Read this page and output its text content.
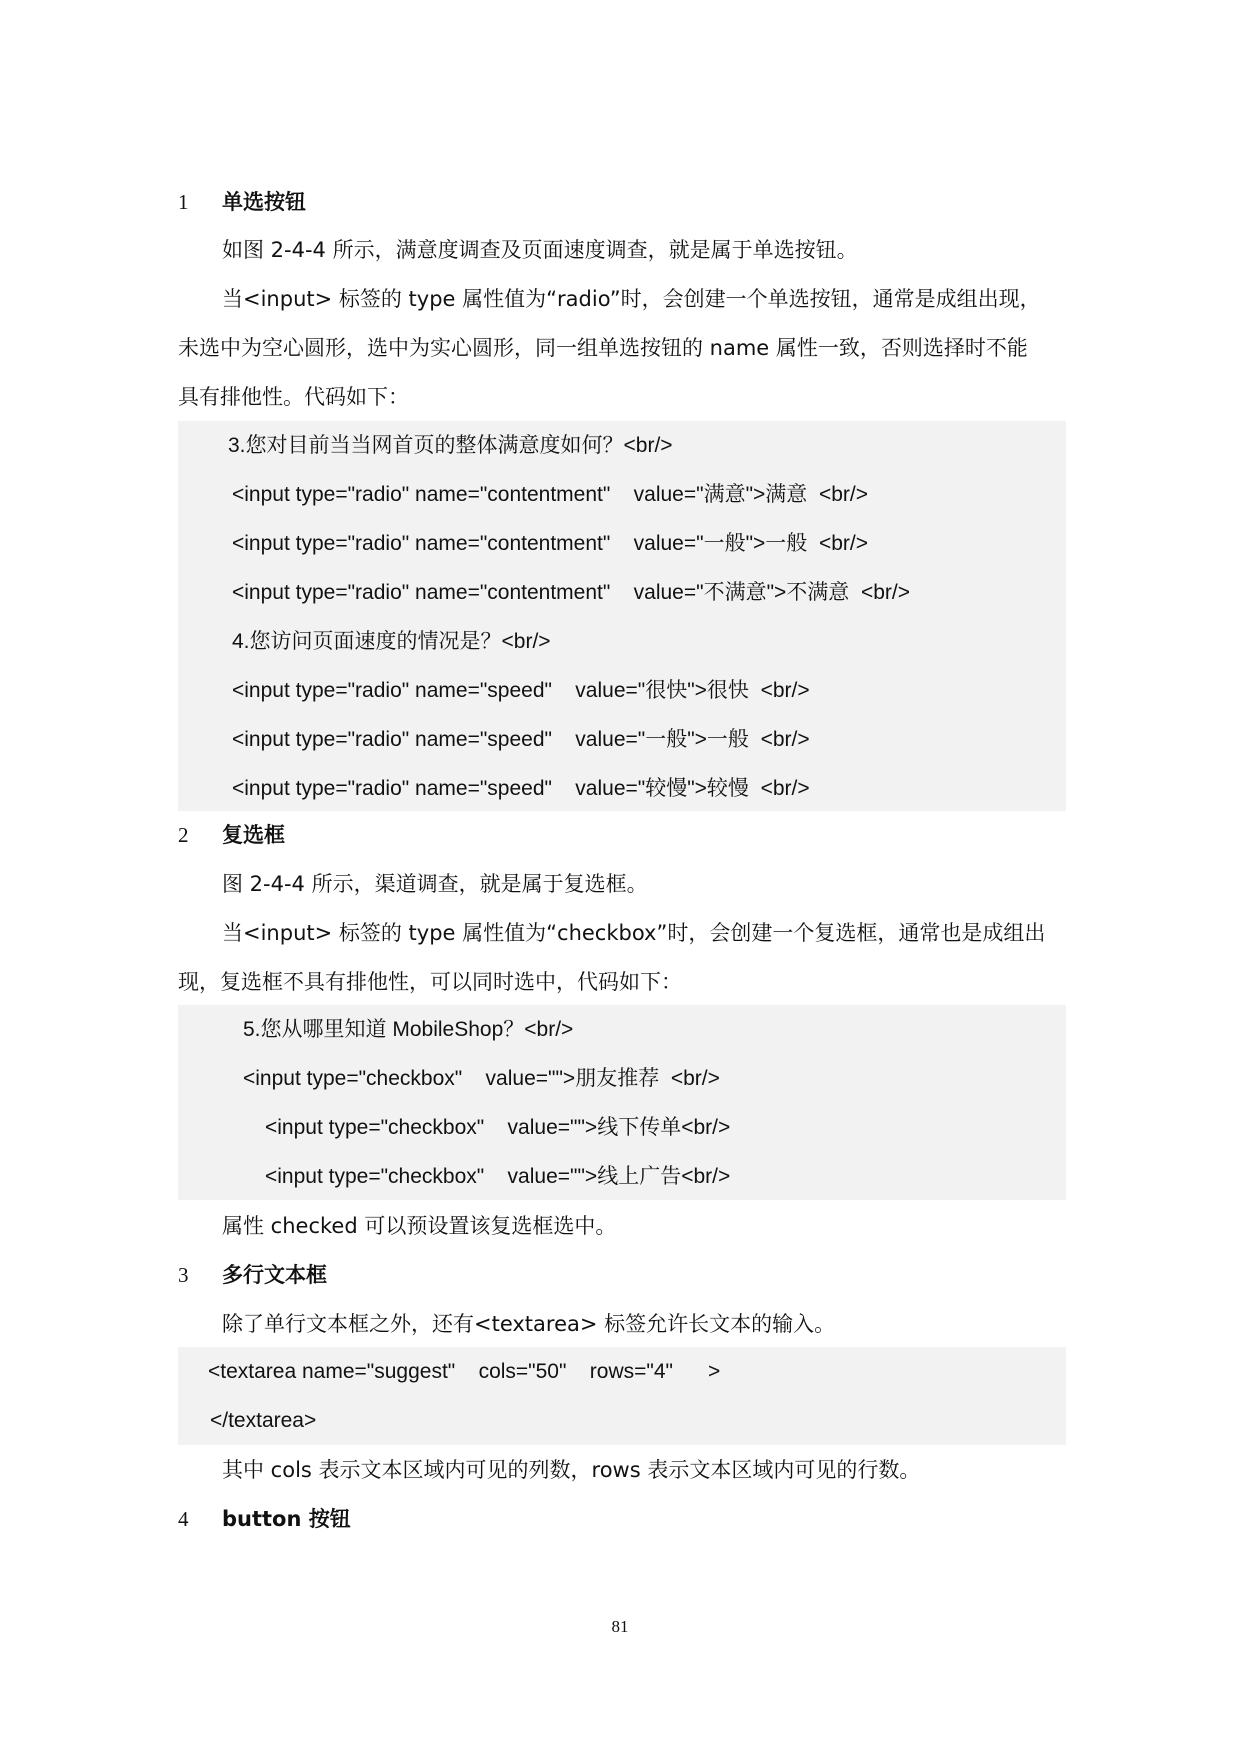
1 单选按钮
如图 2-4-4 所示，满意度调查及页面速度调查，就是属于单选按钮。
当<input> 标签的 type 属性值为“radio”时，会创建一个单选按钮，通常是成组出现，
未选中为空心圆形，选中为实心圆形，同一组单选按钮的 name 属性一致，否则选择时不能
具有排他性。代码如下：
3.您对目前当当网首页的整体满意度如何？<br/>
<input type="radio" name="contentment"    value="满意">满意  <br/>
<input type="radio" name="contentment"    value="一般">一般  <br/>
<input type="radio" name="contentment"    value="不满意">不满意  <br/>
4.您访问页面速度的情况是？<br/>
<input type="radio" name="speed"    value="很快">很快  <br/>
<input type="radio" name="speed"    value="一般">一般  <br/>
<input type="radio" name="speed"    value="较慢">较慢  <br/>
2 复选框
图 2-4-4 所示，渠道调查，就是属于复选框。
当<input> 标签的 type 属性值为“checkbox”时，会创建一个复选框，通常也是成组出
现，复选框不具有排他性，可以同时选中，代码如下：
5.您从哪里知道 MobileShop？<br/>
<input type="checkbox"    value="">朋友推荐  <br/>
<input type="checkbox"    value="">线下传单<br/>
<input type="checkbox"    value="">线上广告<br/>
属性 checked 可以预设置该复选框选中。
3 多行文本框
除了单行文本框之外，还有<textarea> 标签允许长文本的输入。
<textarea name="suggest"    cols="50"    rows="4"      >
</textarea>
其中 cols 表示文本区域内可见的列数，rows 表示文本区域内可见的行数。
4 button 按钮
81
